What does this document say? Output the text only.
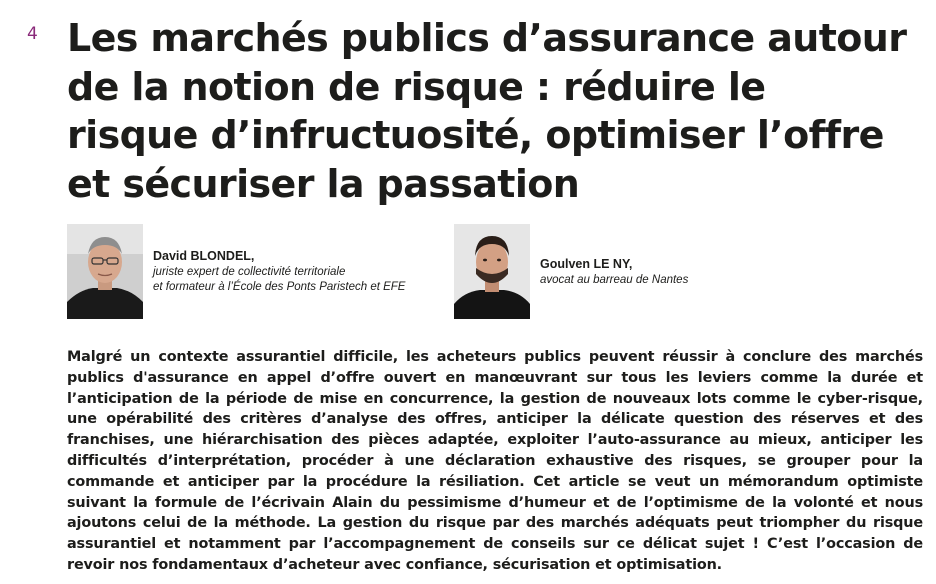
4 Les marchés publics d’assurance autour de la notion de risque : réduire le risque d’infructuosité, optimiser l’offre et sécuriser la passation
David BLONDEL,
juriste expert de collectivité territoriale
et formateur à l’École des Ponts Paristech et EFE
Goulven LE NY,
avocat au barreau de Nantes

Malgré un contexte assurantiel difficile, les acheteurs publics peuvent réussir à conclure des marchés publics d'assurance en appel d’offre ouvert en manœuvrant sur tous les leviers comme la durée et l’anticipation de la période de mise en concurrence, la gestion de nouveaux lots comme le cyber-risque, une opérabilité des critères d’analyse des offres, anticiper la délicate question des réserves et des franchises, une hiérarchisation des pièces adaptée, exploiter l’auto-assurance au mieux, anticiper les difficultés d’interprétation, procéder à une déclaration exhaustive des risques, se grouper pour la commande et anticiper par la procédure la résiliation. Cet article se veut un mémorandum optimiste suivant la formule de l’écrivain Alain du pessimisme d’humeur et de l’optimisme de la volonté et nous ajoutons celui de la méthode. La gestion du risque par des marchés adéquats peut triompher du risque assurantiel et notamment par l’accompagnement de conseils sur ce délicat sujet ! C’est l’occasion de revoir nos fondamentaux d’acheteur avec confiance, sécurisation et optimisation.
